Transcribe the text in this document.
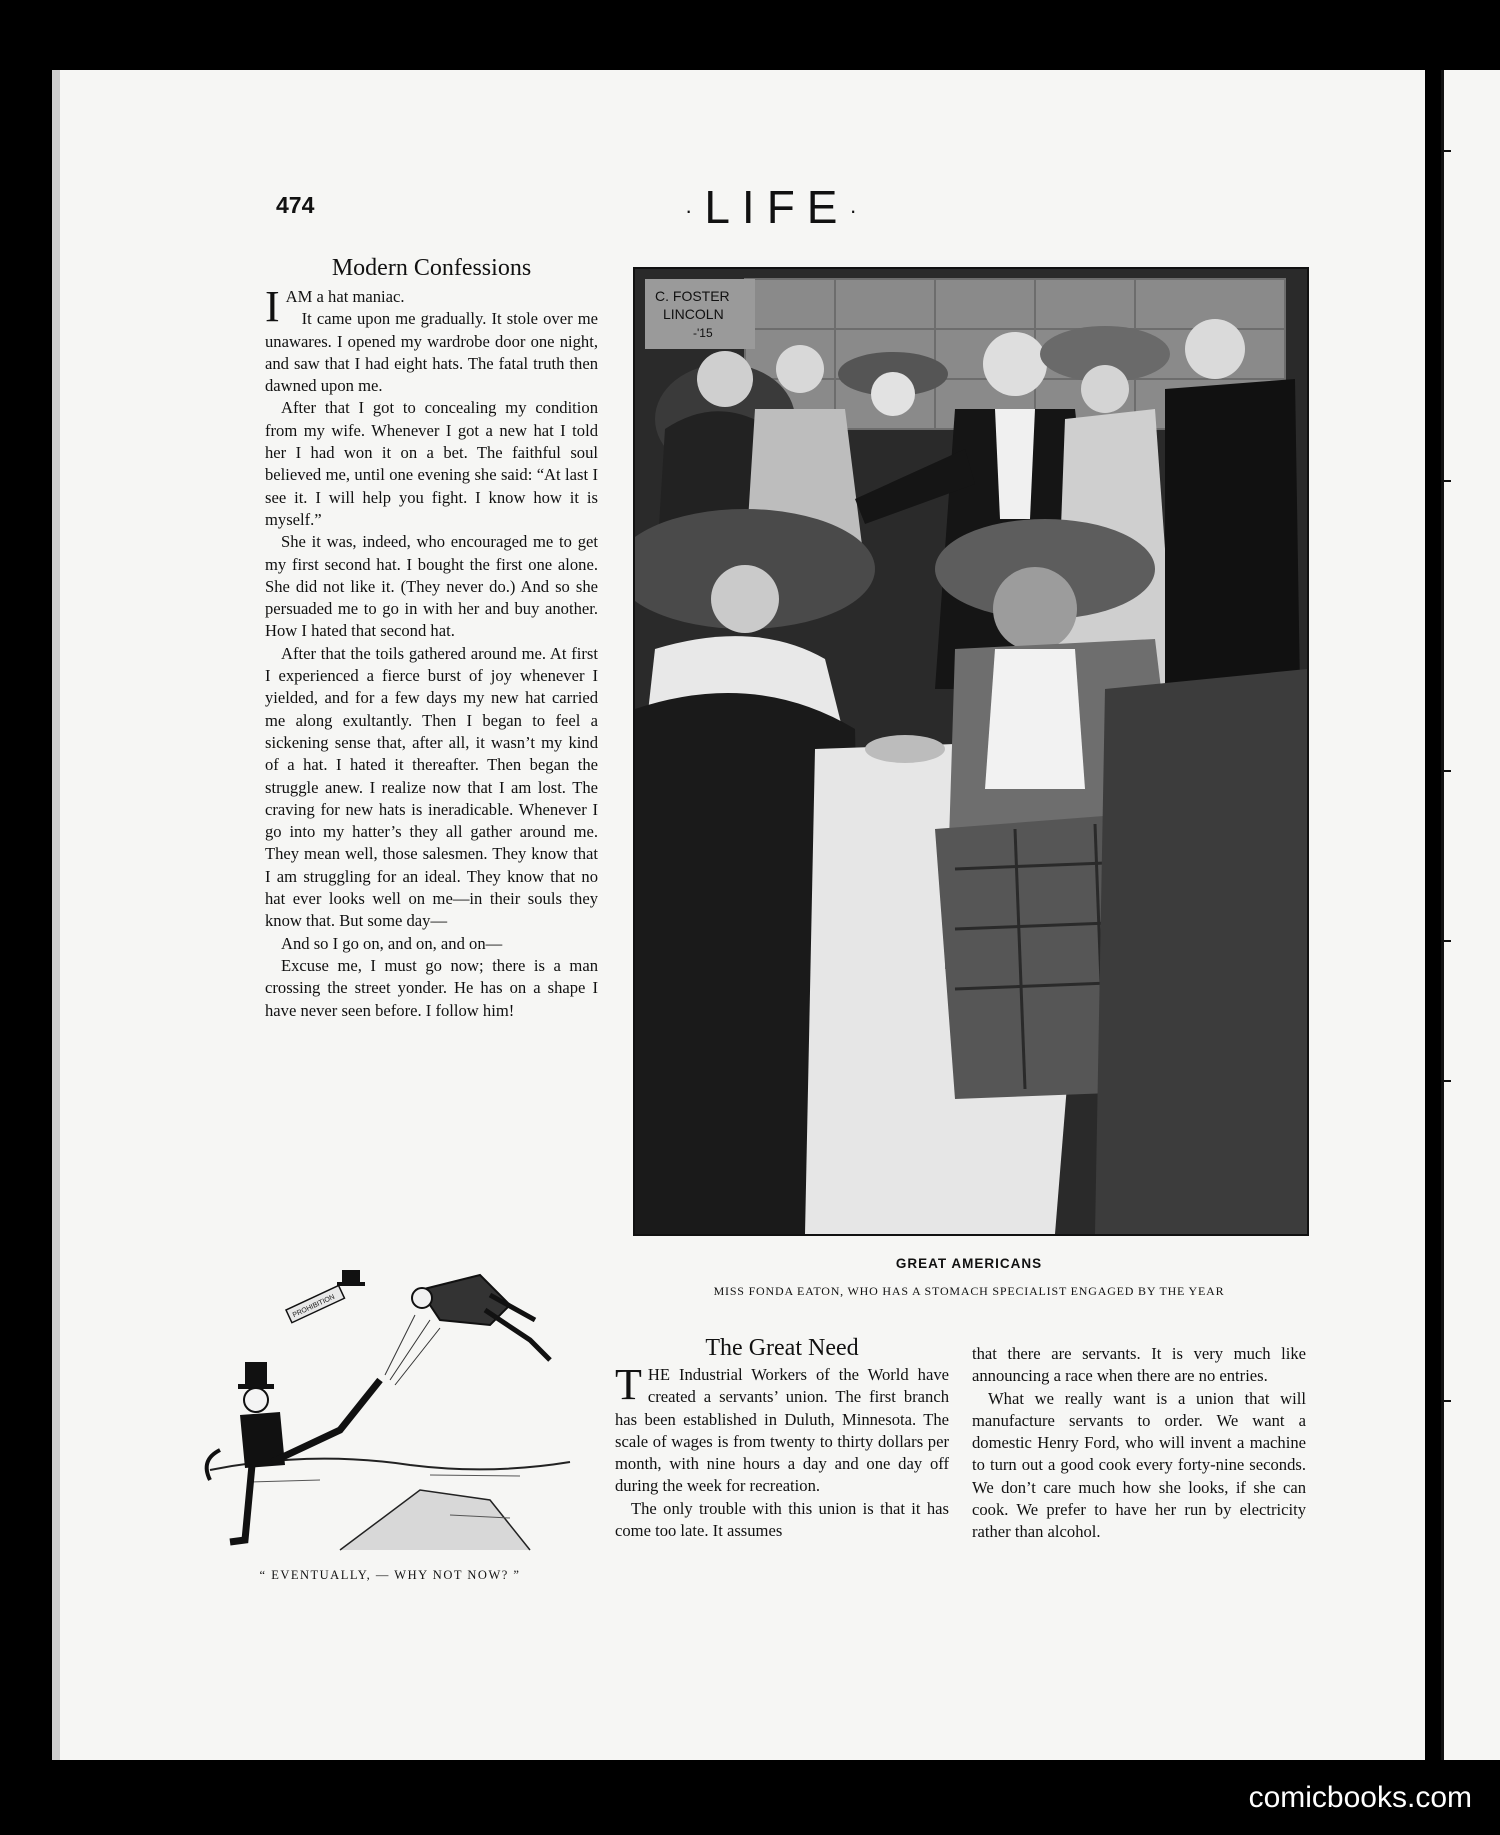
474	·LIFE·
Modern Confessions

IAM a hat maniac.

It came upon me gradually. It stole over me unawares. I opened my wardrobe door one night, and saw that I had eight hats. The fatal truth then dawned upon me.

After that I got to concealing my condition from my wife. Whenever I got a new hat I told her I had won it on a bet. The faithful soul believed me, until one evening she said: “At last I see it. I will help you fight. I know how it is myself.”

She it was, indeed, who encouraged me to get my first second hat. I bought the first one alone. She did not like it. (They never do.) And so she persuaded me to go in with her and buy another. How I hated that second hat.

After that the toils gathered around me. At first I experienced a fierce burst of joy whenever I yielded, and for a few days my new hat carried me along exultantly. Then I began to feel a sickening sense that, after all, it wasn’t my kind of a hat. I hated it thereafter. Then began the struggle anew. I realize now that I am lost. The craving for new hats is ineradicable. Whenever I go into my hatter’s they all gather around me. They mean well, those salesmen. They know that I am struggling for an ideal. They know that no hat ever looks well on me—in their souls they know that. But some day—

And so I go on, and on, and on—

Excuse me, I must go now; there is a man crossing the street yonder. He has on a shape I have never seen before. I follow him!

C. FOSTER
LINCOLN
-'15
GREAT AMERICANS
MISS FONDA EATON, WHO HAS A STOMACH SPECIALIST ENGAGED BY THE YEAR
PROHIBITION
“ EVENTUALLY, — WHY NOT NOW? ”
The Great Need

THE Industrial Workers of the World have created a servants’ union. The first branch has been established in Duluth, Minnesota. The scale of wages is from twenty to thirty dollars per month, with nine hours a day and one day off during the week for recreation.

The only trouble with this union is that it has come too late. It assumes

that there are servants. It is very much like announcing a race when there are no entries.

What we really want is a union that will manufacture servants to order. We want a domestic Henry Ford, who will invent a machine to turn out a good cook every forty-nine seconds. We don’t care much how she looks, if she can cook. We prefer to have her run by electricity rather than alcohol.

comicbooks.com
